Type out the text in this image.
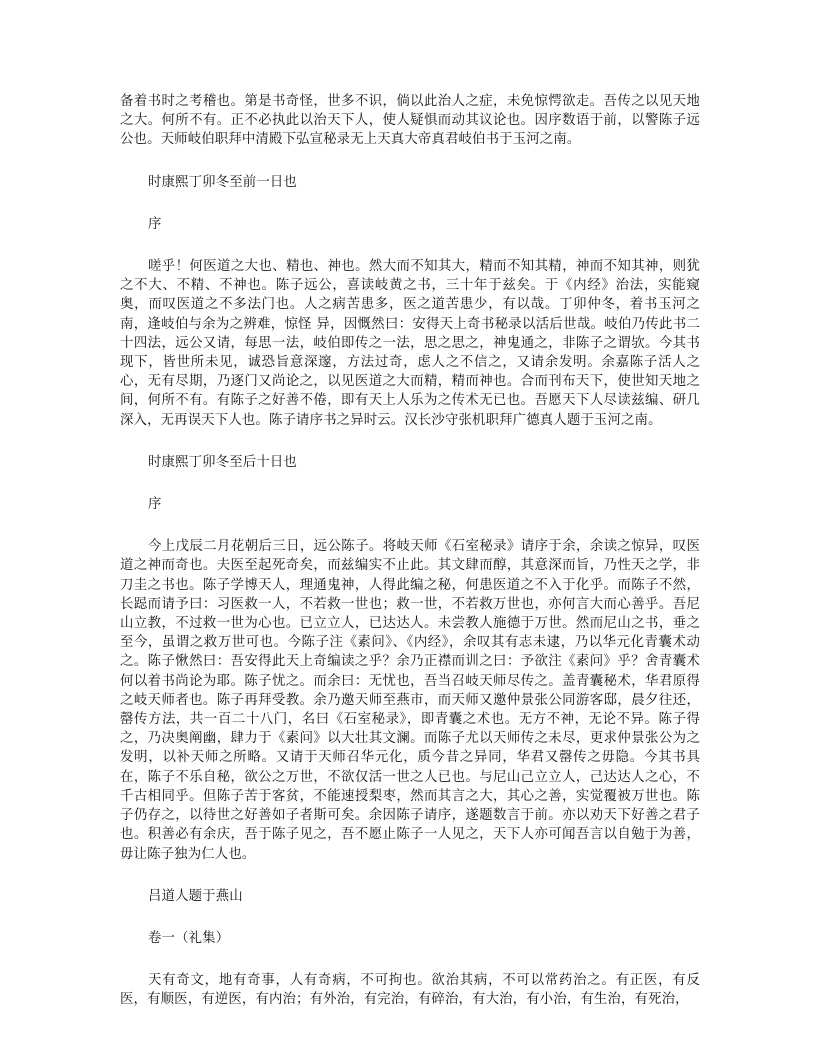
备着书时之考稽也。第是书奇怪，世多不识，倘以此治人之症，未免惊愕欲走。吾传之以见天地之大。何所不有。正不必执此以治天下人，使人疑惧而动其议论也。因序数语于前，以警陈子远公也。天师岐伯职拜中清殿下弘宣秘录无上天真大帝真君岐伯书于玉河之南。

时康熙丁卯冬至前一日也

序

嗟乎！何医道之大也、精也、神也。然大而不知其大，精而不知其精，神而不知其神，则犹之不大、不精、不神也。陈子远公，喜读岐黄之书，三十年于兹矣。于《内经》治法，实能窥奥，而叹医道之不多法门也。人之病苦患多，医之道苦患少，有以哉。丁卯仲冬，着书玉河之南，逢岐伯与余为之辨难，惊怪 异，因慨然曰：安得天上奇书秘录以活后世哉。岐伯乃传此书二十四法，远公又请，每思一法，岐伯即传之一法，思之思之，神鬼通之，非陈子之谓欤。今其书现下，皆世所未见，诚恐旨意深邃，方法过奇，虑人之不信之，又请余发明。余嘉陈子活人之心，无有尽期，乃逐门又尚论之，以见医道之大而精，精而神也。合而刊布天下，使世知天地之间，何所不有。有陈子之好善不倦，即有天上人乐为之传术无已也。吾愿天下人尽读兹编、研几深入，无再误天下人也。陈子请序书之异时云。汉长沙守张机职拜广德真人题于玉河之南。

时康熙丁卯冬至后十日也

序

今上戊辰二月花朝后三日，远公陈子。将岐天师《石室秘录》请序于余，余读之惊异，叹医道之神而奇也。夫医至起死奇矣，而兹编实不止此。其文肆而醇，其意深而旨，乃性天之学，非刀圭之书也。陈子学博天人，理通鬼神，人得此编之秘，何患医道之不入于化乎。而陈子不然，长跽而请予曰：习医救一人，不若救一世也；救一世，不若救万世也，亦何言大而心善乎。吾尼山立教，不过救一世为心也。已立立人，已达达人。未尝教人施德于万世。然而尼山之书，垂之至今，虽谓之救万世可也。今陈子注《素问》、《内经》，余叹其有志未逮，乃以华元化青囊术动之。陈子愀然曰：吾安得此天上奇编读之乎？余乃正襟而训之曰：予欲注《素问》乎？舍青囊术何以着书尚论为耶。陈子忧之。而余曰：无忧也，吾当召岐天师尽传之。盖青囊秘术，华君原得之岐天师者也。陈子再拜受教。余乃邀天师至燕市，而天师又邀仲景张公同游客邸，晨夕往还，罄传方法，共一百二十八门，名曰《石室秘录》，即青囊之术也。无方不神，无论不异。陈子得之，乃决奥阐幽，肆力于《素问》以大壮其文澜。而陈子尤以天师传之未尽，更求仲景张公为之发明，以补天师之所略。又请于天师召华元化，质今昔之异同，华君又罄传之毋隐。今其书具在，陈子不乐自秘，欲公之万世，不欲仅活一世之人已也。与尼山己立立人，己达达人之心，不千古相同乎。但陈子苦于客贫，不能速授梨枣，然而其言之大，其心之善，实觉覆被万世也。陈子仍存之，以待世之好善如子者斯可矣。余因陈子请序，遂题数言于前。亦以劝天下好善之君子也。积善必有余庆，吾于陈子见之，吾不愿止陈子一人见之，天下人亦可闻吾言以自勉于为善，毋让陈子独为仁人也。

吕道人题于燕山

卷一（礼集）

天有奇文，地有奇事，人有奇病，不可拘也。欲治其病，不可以常药治之。有正医，有反医，有顺医，有逆医，有内治；有外治，有完治，有碎治，有大治，有小治，有生治，有死治，
